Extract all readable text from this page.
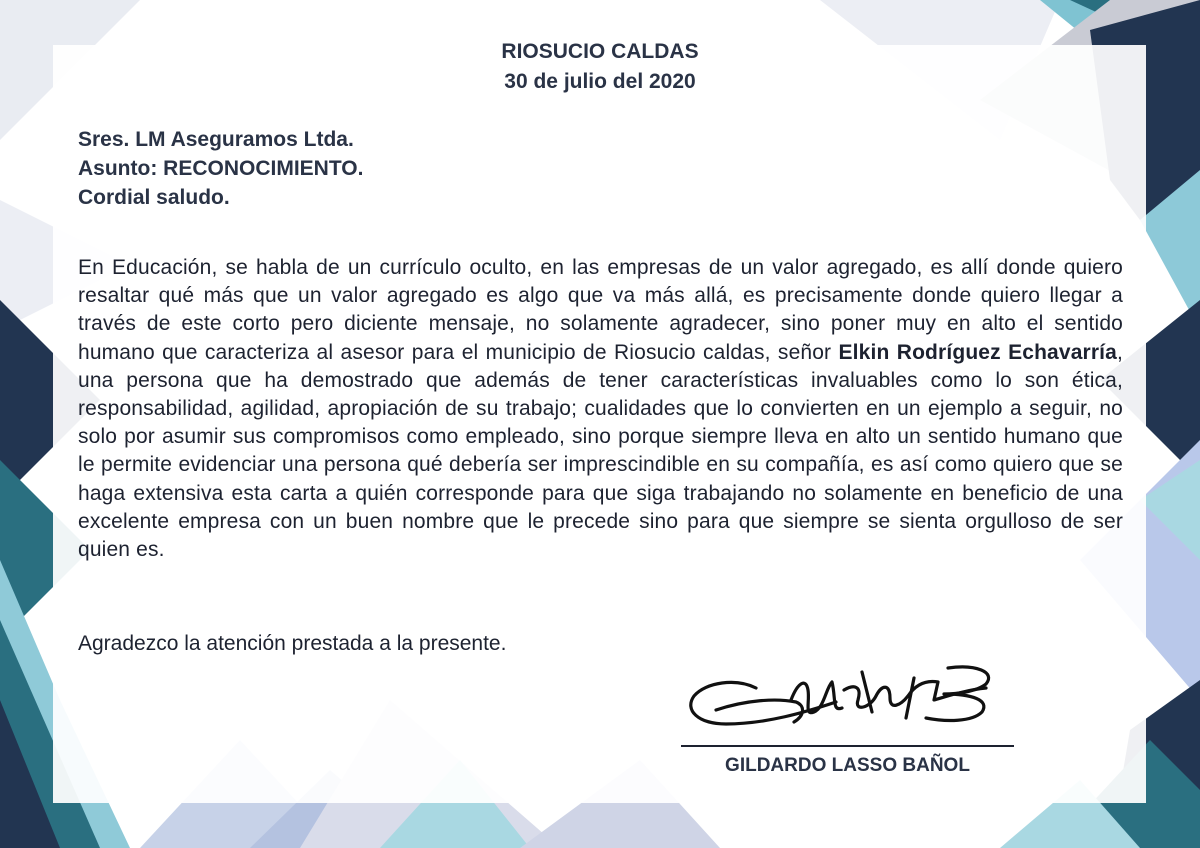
RIOSUCIO CALDAS
30 de julio del 2020
Sres. LM Aseguramos Ltda.
Asunto: RECONOCIMIENTO.
Cordial saludo.
En Educación, se habla de un currículo oculto, en las empresas de un valor agregado, es allí donde quiero resaltar qué más que un valor agregado es algo que va más allá, es precisamente donde quiero llegar a través de este corto pero diciente mensaje, no solamente agradecer, sino poner muy en alto el sentido humano que caracteriza al asesor para el municipio de Riosucio caldas, señor Elkin Rodríguez Echavarría, una persona que ha demostrado que además de tener características invaluables como lo son ética, responsabilidad, agilidad, apropiación de su trabajo; cualidades que lo convierten en un ejemplo a seguir, no solo por asumir sus compromisos como empleado, sino porque siempre lleva en alto un sentido humano que le permite evidenciar una persona qué debería ser imprescindible en su compañía, es así como quiero que se haga extensiva esta carta a quién corresponde para que siga trabajando no solamente en beneficio de una excelente empresa con un buen nombre que le precede sino para que siempre se sienta orgulloso de ser quien es.
Agradezco la atención prestada a la presente.
GILDARDO LASSO BAÑOL
